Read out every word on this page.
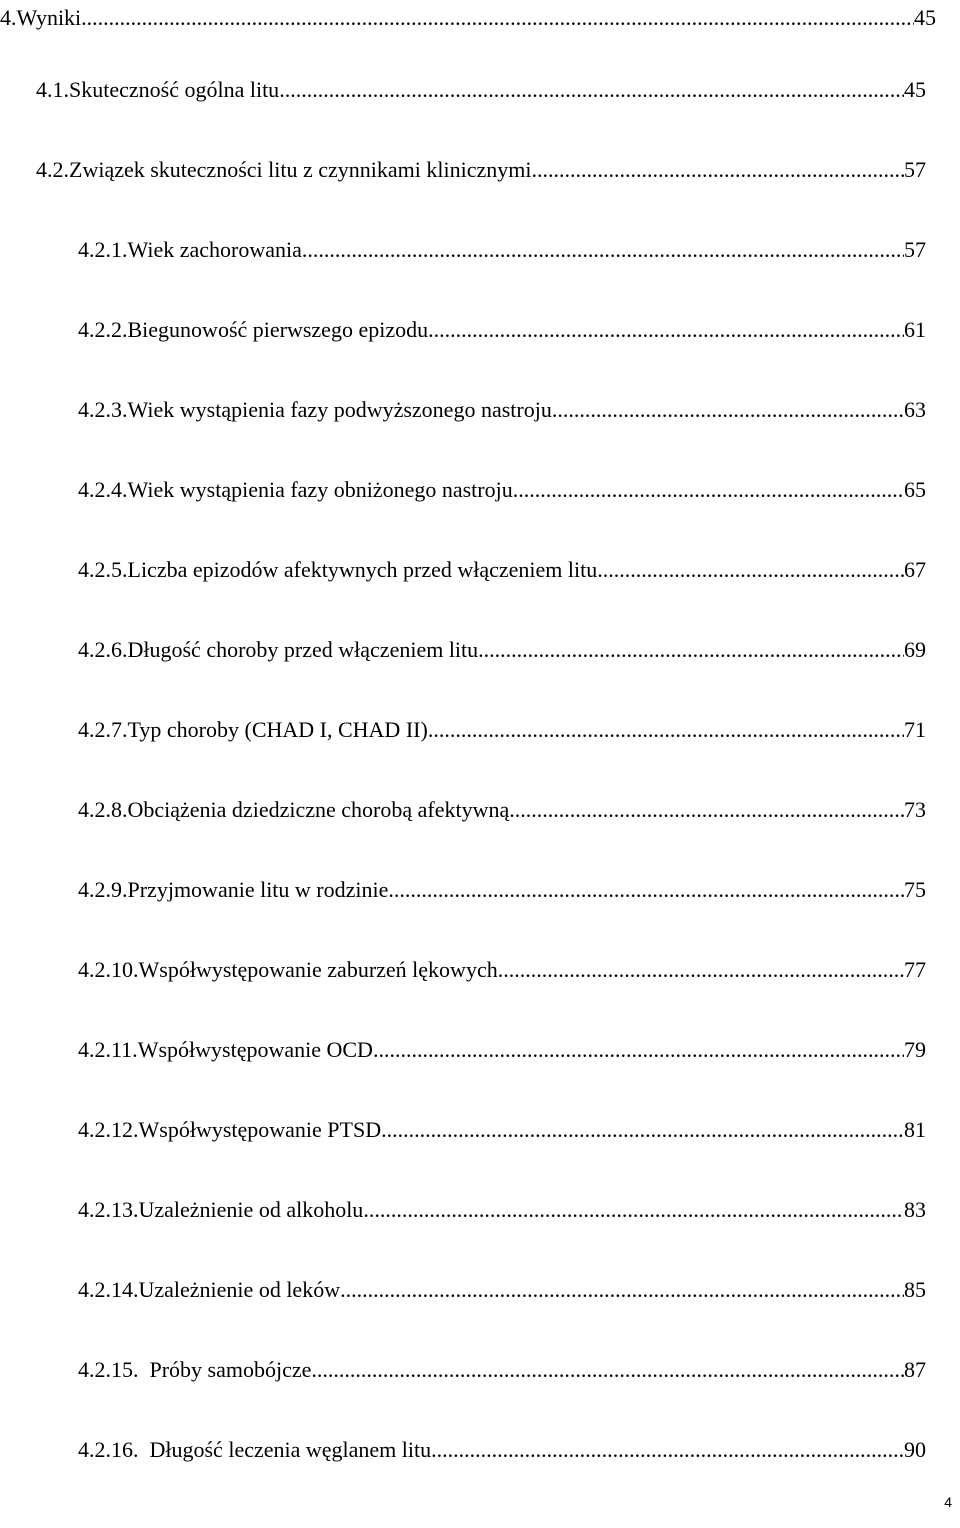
4. Wyniki .....	45
4.1. Skuteczność ogólna litu .....	45
4.2. Związek skuteczności litu z czynnikami klinicznymi .....	57
4.2.1. Wiek zachorowania .....	57
4.2.2. Biegunowość pierwszego epizodu .....	61
4.2.3. Wiek wystąpienia fazy podwyższonego nastroju .....	63
4.2.4. Wiek wystąpienia fazy obniżonego nastroju .....	65
4.2.5. Liczba epizodów afektywnych przed włączeniem litu .....	67
4.2.6. Długość choroby przed włączeniem litu .....	69
4.2.7. Typ choroby (CHAD I, CHAD II) .....	71
4.2.8. Obciążenia dziedziczne chorobą afektywną .....	73
4.2.9. Przyjmowanie litu w rodzinie .....	75
4.2.10. Współwystępowanie zaburzeń lękowych .....	77
4.2.11. Współwystępowanie OCD .....	79
4.2.12. Współwystępowanie PTSD .....	81
4.2.13. Uzależnienie od alkoholu .....	83
4.2.14. Uzależnienie od leków .....	85
4.2.15. Próby samobójcze .....	87
4.2.16. Długość leczenia węglanem litu .....	90
4
